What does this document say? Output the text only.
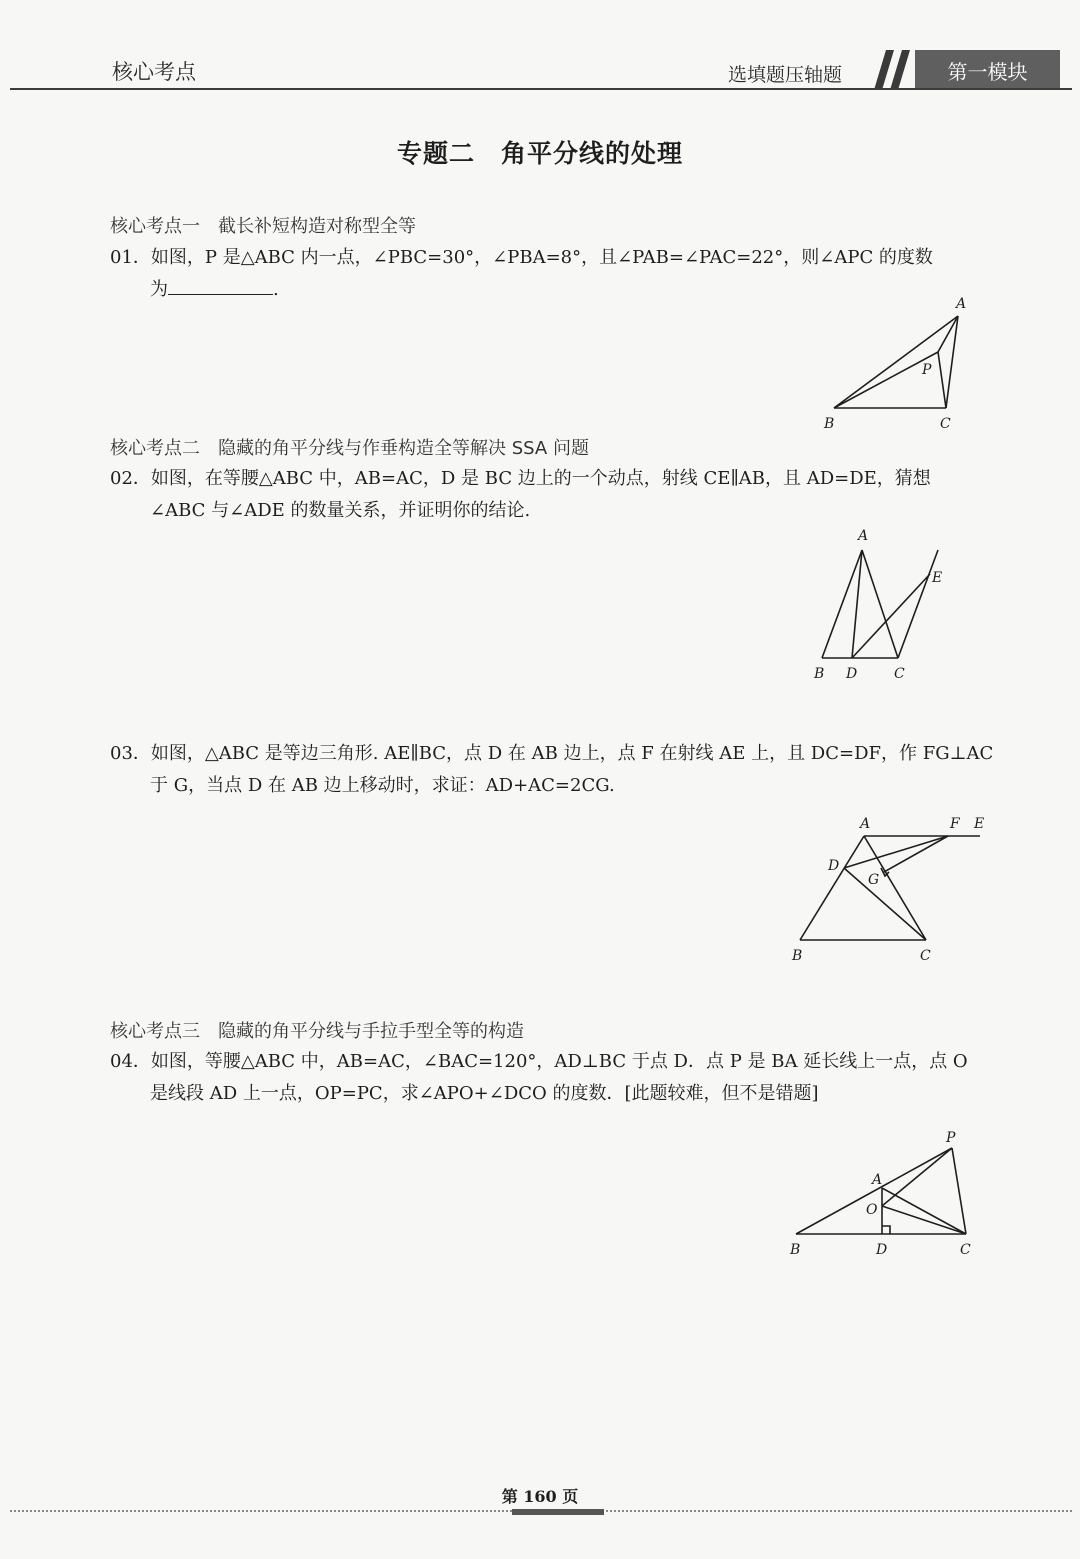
核心考点	选填题压轴题	第一模块
专题二　角平分线的处理
核心考点一　截长补短构造对称型全等
01．如图，P 是△ABC 内一点，∠PBC=30°，∠PBA=8°，且∠PAB=∠PAC=22°，则∠APC 的度数
为	.
A
B	C
P
核心考点二　隐藏的角平分线与作垂构造全等解决 SSA 问题
02．如图，在等腰△ABC 中，AB=AC，D 是 BC 边上的一个动点，射线 CE∥AB，且 AD=DE，猜想
∠ABC 与∠ADE 的数量关系，并证明你的结论.
A
B D	C
E
03．如图，△ABC 是等边三角形. AE∥BC，点 D 在 AB 边上，点 F 在射线 AE 上，且 DC=DF，作 FG⊥AC
于 G，当点 D 在 AB 边上移动时，求证：AD+AC=2CG.
A
B	C
D
G
F E
核心考点三　隐藏的角平分线与手拉手型全等的构造
04．如图，等腰△ABC 中，AB=AC，∠BAC=120°，AD⊥BC 于点 D．点 P 是 BA 延长线上一点，点 O
是线段 AD 上一点，OP=PC，求∠APO+∠DCO 的度数．[此题较难，但不是错题]
P
A
O
B	D	C
第 160 页
